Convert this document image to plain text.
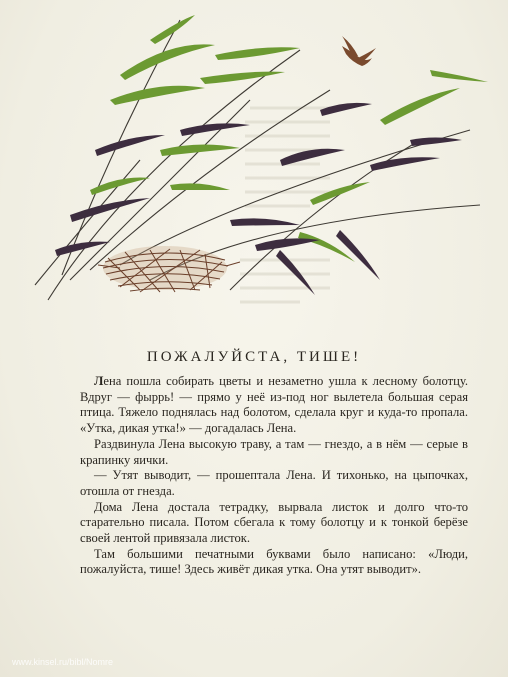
ПОЖАЛУЙСТА, ТИШЕ!

Лена пошла собирать цветы и незаметно ушла к лесному болотцу. Вдруг — фыррь! — прямо у неё из-под ног вылетела большая серая птица. Тяжело поднялась над болотом, сделала круг и куда-то пропала. «Утка, дикая утка!» — догадалась Лена.

Раздвинула Лена высокую траву, а там — гнездо, а в нём — серые в крапинку яички.

— Утят выводит, — прошептала Лена. И тихонько, на цыпочках, отошла от гнезда.

Дома Лена достала тетрадку, вырвала листок и долго что-то старательно писала. Потом сбегала к тому болотцу и к тонкой берёзе своей лентой привязала листок.

Там большими печатными буквами было написано: «Люди, пожалуйста, тише! Здесь живёт дикая утка. Она утят выводит».

www.kinsel.ru/bibl/Nomre
